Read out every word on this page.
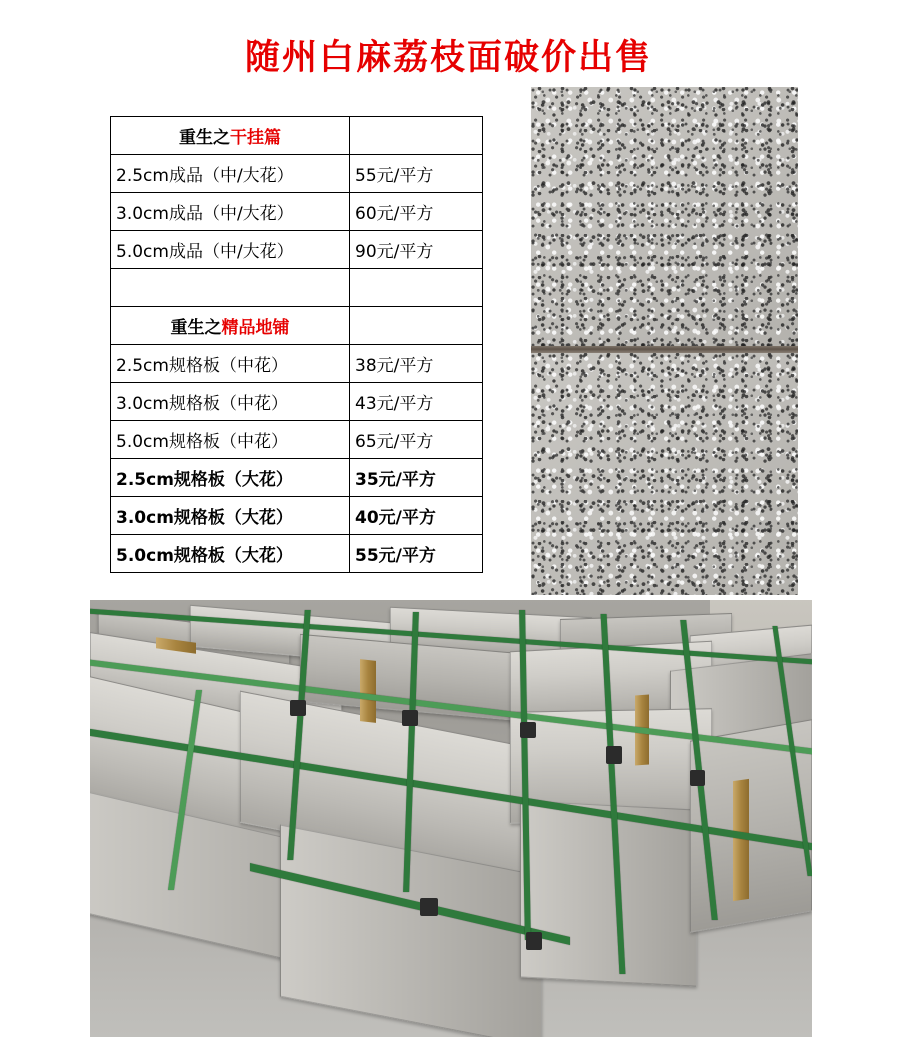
随州白麻荔枝面破价出售
重生之干挂篇	
2.5cm成品（中/大花）	55元/平方
3.0cm成品（中/大花）	60元/平方
5.0cm成品（中/大花）	90元/平方

重生之精品地铺	
2.5cm规格板（中花）	38元/平方
3.0cm规格板（中花）	43元/平方
5.0cm规格板（中花）	65元/平方
2.5cm规格板（大花）	35元/平方
3.0cm规格板（大花）	40元/平方
5.0cm规格板（大花）	55元/平方
